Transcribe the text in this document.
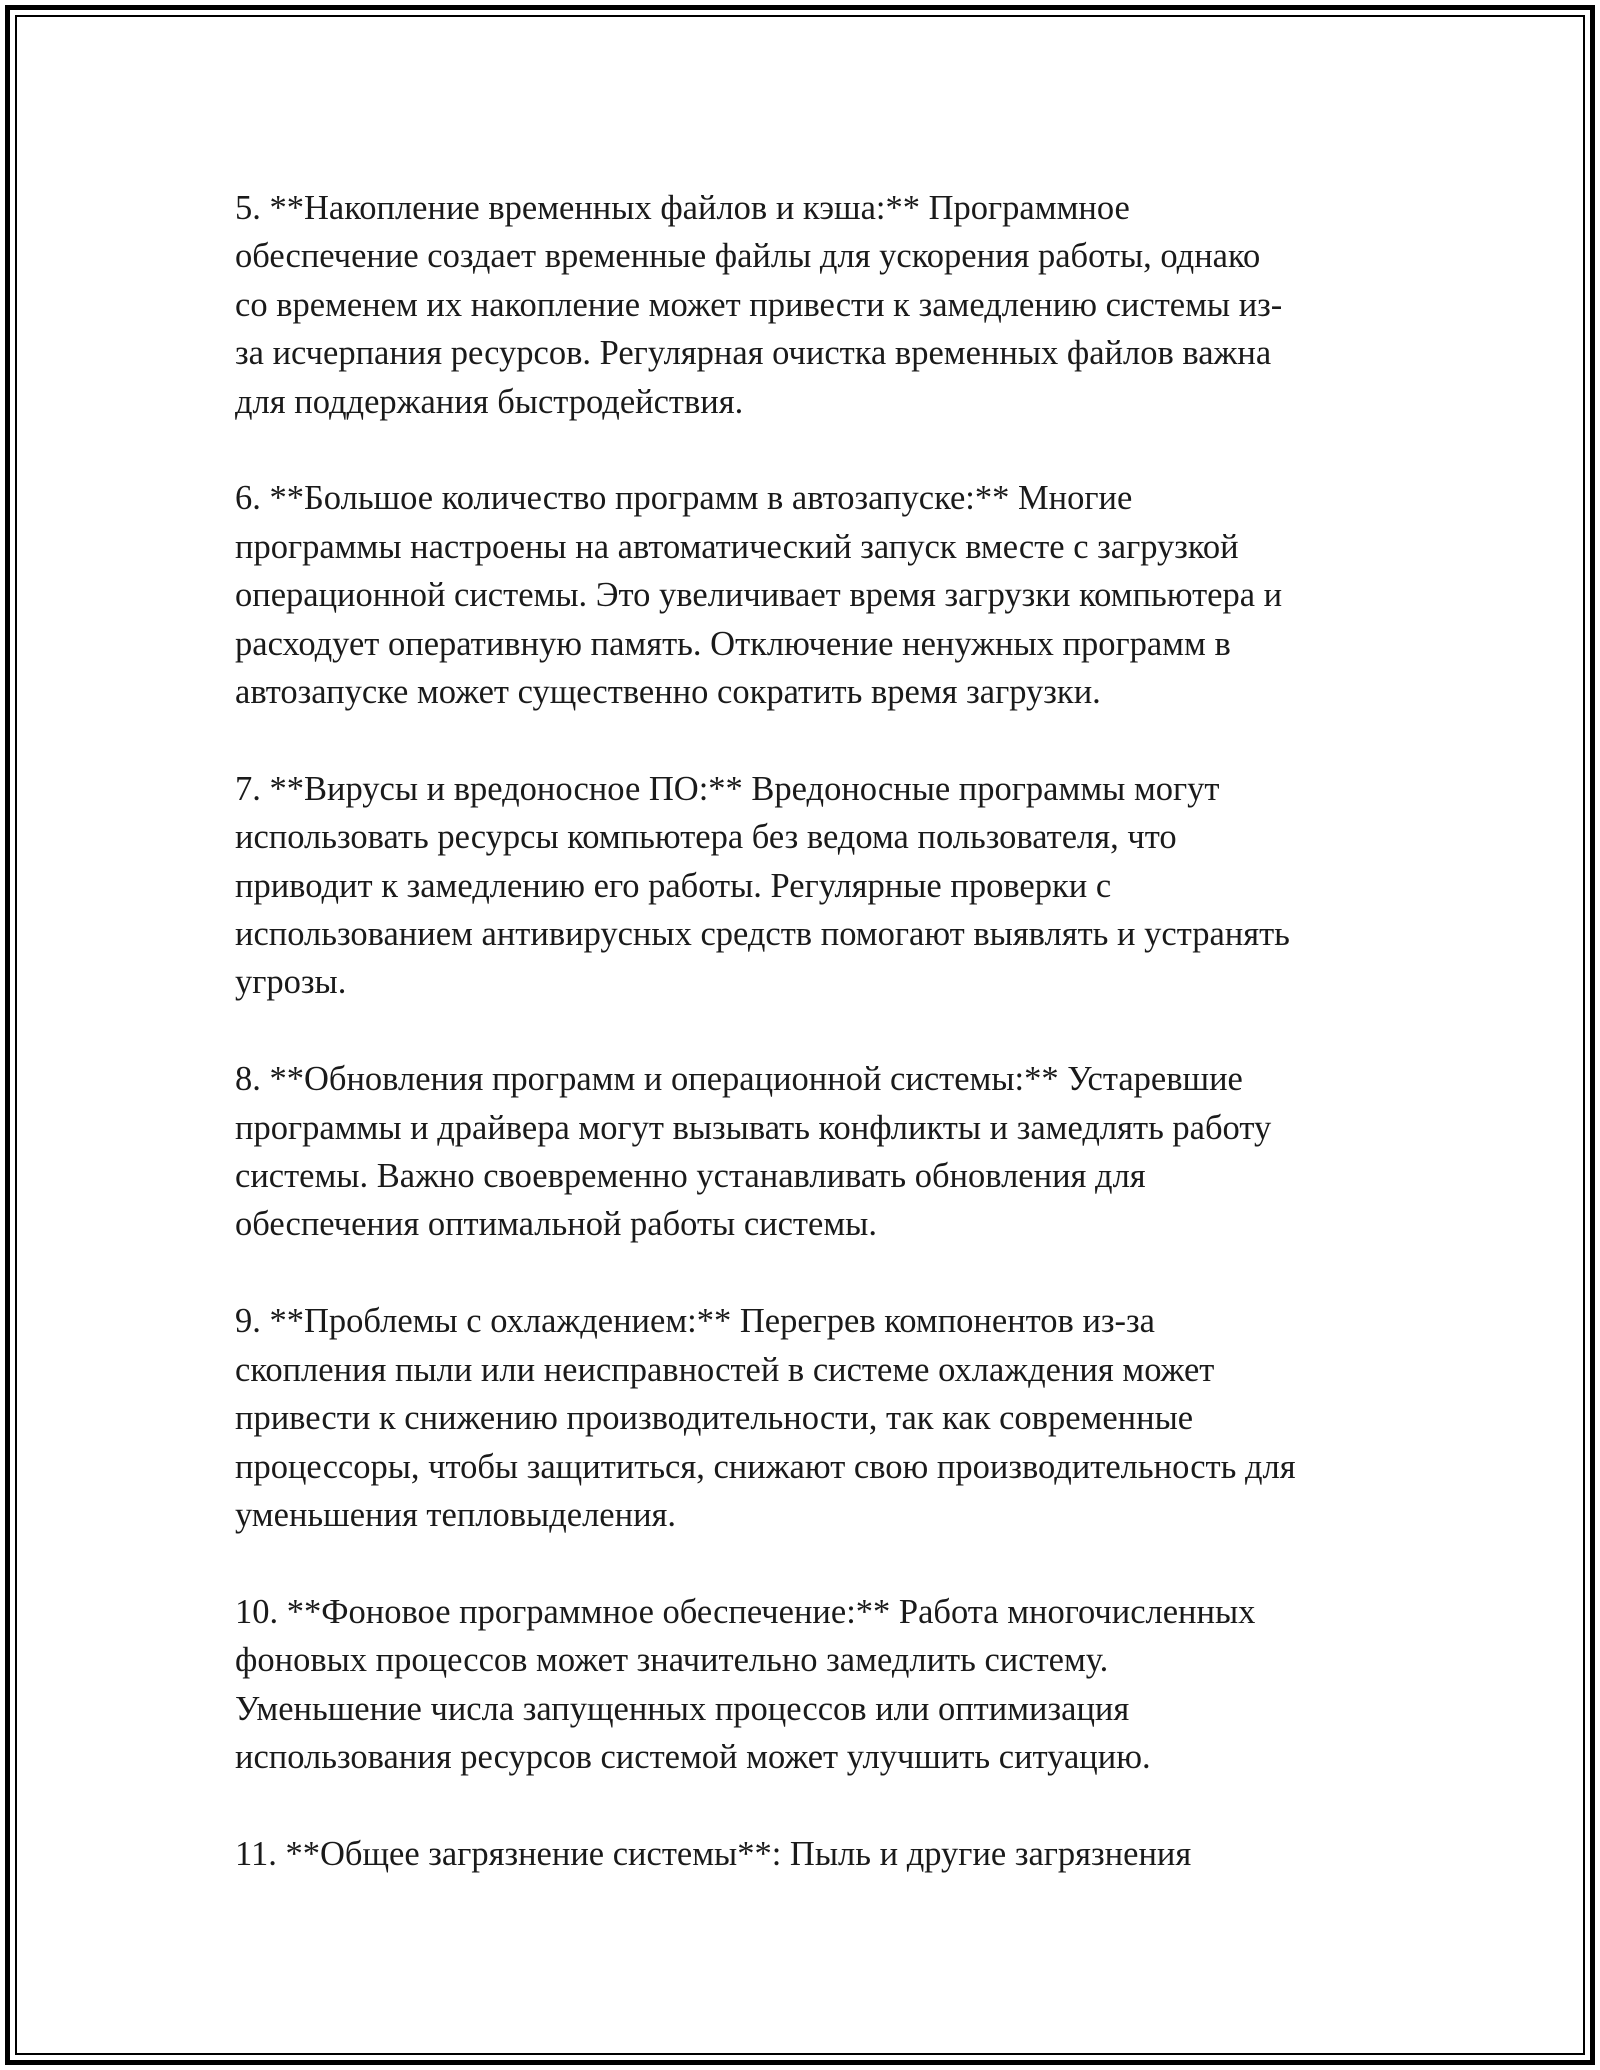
5. **Накопление временных файлов и кэша:** Программное
обеспечение создает временные файлы для ускорения работы, однако
со временем их накопление может привести к замедлению системы из-
за исчерпания ресурсов. Регулярная очистка временных файлов важна
для поддержания быстродействия.

6. **Большое количество программ в автозапуске:** Многие
программы настроены на автоматический запуск вместе с загрузкой
операционной системы. Это увеличивает время загрузки компьютера и
расходует оперативную память. Отключение ненужных программ в
автозапуске может существенно сократить время загрузки.

7. **Вирусы и вредоносное ПО:** Вредоносные программы могут
использовать ресурсы компьютера без ведома пользователя, что
приводит к замедлению его работы. Регулярные проверки с
использованием антивирусных средств помогают выявлять и устранять
угрозы.

8. **Обновления программ и операционной системы:** Устаревшие
программы и драйвера могут вызывать конфликты и замедлять работу
системы. Важно своевременно устанавливать обновления для
обеспечения оптимальной работы системы.

9. **Проблемы с охлаждением:** Перегрев компонентов из-за
скопления пыли или неисправностей в системе охлаждения может
привести к снижению производительности, так как современные
процессоры, чтобы защититься, снижают свою производительность для
уменьшения тепловыделения.

10. **Фоновое программное обеспечение:** Работа многочисленных
фоновых процессов может значительно замедлить систему.
Уменьшение числа запущенных процессов или оптимизация
использования ресурсов системой может улучшить ситуацию.

11. **Общее загрязнение системы**: Пыль и другие загрязнения
